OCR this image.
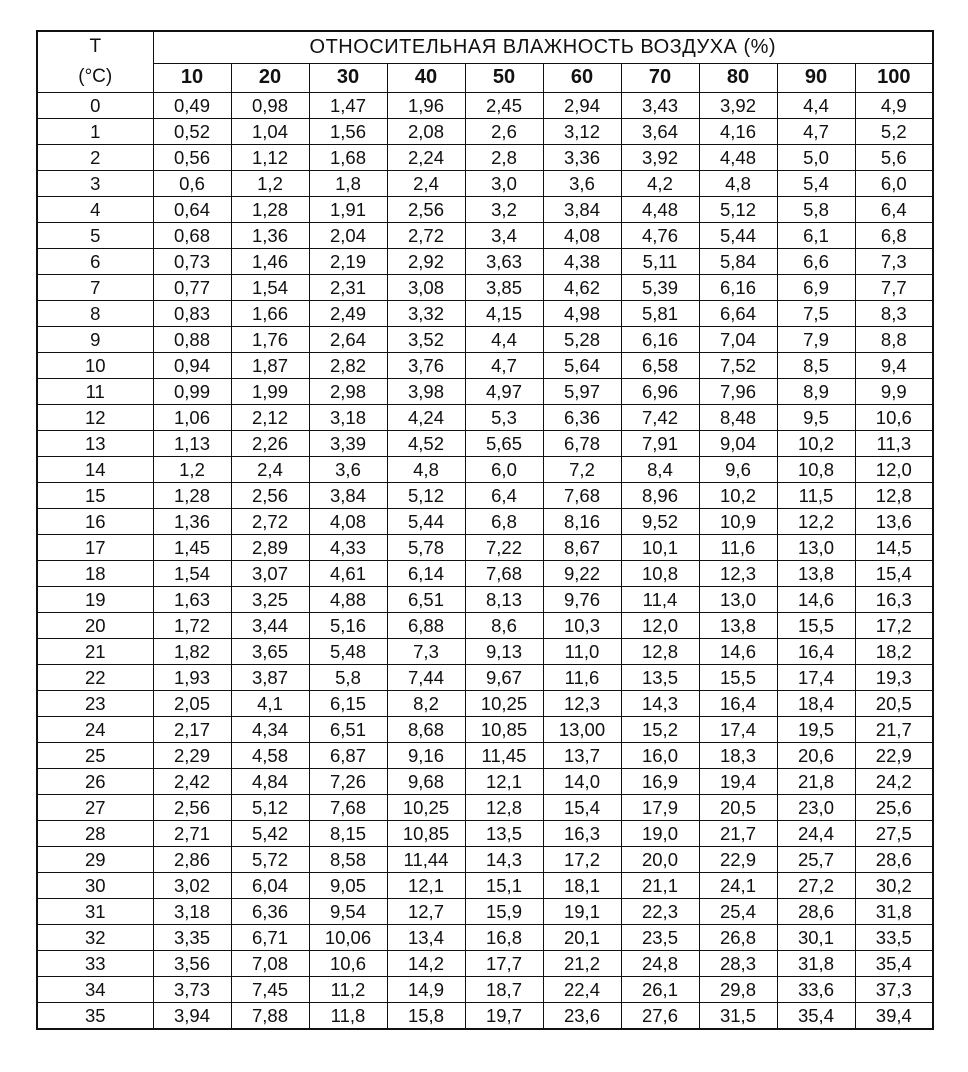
T
(°C)	ОТНОСИТЕЛЬНАЯ ВЛАЖНОСТЬ ВОЗДУХА (%)									
	10	20	30	40	50	60	70	80	90	100
0	0,49	0,98	1,47	1,96	2,45	2,94	3,43	3,92	4,4	4,9
1	0,52	1,04	1,56	2,08	2,6	3,12	3,64	4,16	4,7	5,2
2	0,56	1,12	1,68	2,24	2,8	3,36	3,92	4,48	5,0	5,6
3	0,6	1,2	1,8	2,4	3,0	3,6	4,2	4,8	5,4	6,0
4	0,64	1,28	1,91	2,56	3,2	3,84	4,48	5,12	5,8	6,4
5	0,68	1,36	2,04	2,72	3,4	4,08	4,76	5,44	6,1	6,8
6	0,73	1,46	2,19	2,92	3,63	4,38	5,11	5,84	6,6	7,3
7	0,77	1,54	2,31	3,08	3,85	4,62	5,39	6,16	6,9	7,7
8	0,83	1,66	2,49	3,32	4,15	4,98	5,81	6,64	7,5	8,3
9	0,88	1,76	2,64	3,52	4,4	5,28	6,16	7,04	7,9	8,8
10	0,94	1,87	2,82	3,76	4,7	5,64	6,58	7,52	8,5	9,4
11	0,99	1,99	2,98	3,98	4,97	5,97	6,96	7,96	8,9	9,9
12	1,06	2,12	3,18	4,24	5,3	6,36	7,42	8,48	9,5	10,6
13	1,13	2,26	3,39	4,52	5,65	6,78	7,91	9,04	10,2	11,3
14	1,2	2,4	3,6	4,8	6,0	7,2	8,4	9,6	10,8	12,0
15	1,28	2,56	3,84	5,12	6,4	7,68	8,96	10,2	11,5	12,8
16	1,36	2,72	4,08	5,44	6,8	8,16	9,52	10,9	12,2	13,6
17	1,45	2,89	4,33	5,78	7,22	8,67	10,1	11,6	13,0	14,5
18	1,54	3,07	4,61	6,14	7,68	9,22	10,8	12,3	13,8	15,4
19	1,63	3,25	4,88	6,51	8,13	9,76	11,4	13,0	14,6	16,3
20	1,72	3,44	5,16	6,88	8,6	10,3	12,0	13,8	15,5	17,2
21	1,82	3,65	5,48	7,3	9,13	11,0	12,8	14,6	16,4	18,2
22	1,93	3,87	5,8	7,44	9,67	11,6	13,5	15,5	17,4	19,3
23	2,05	4,1	6,15	8,2	10,25	12,3	14,3	16,4	18,4	20,5
24	2,17	4,34	6,51	8,68	10,85	13,00	15,2	17,4	19,5	21,7
25	2,29	4,58	6,87	9,16	11,45	13,7	16,0	18,3	20,6	22,9
26	2,42	4,84	7,26	9,68	12,1	14,0	16,9	19,4	21,8	24,2
27	2,56	5,12	7,68	10,25	12,8	15,4	17,9	20,5	23,0	25,6
28	2,71	5,42	8,15	10,85	13,5	16,3	19,0	21,7	24,4	27,5
29	2,86	5,72	8,58	11,44	14,3	17,2	20,0	22,9	25,7	28,6
30	3,02	6,04	9,05	12,1	15,1	18,1	21,1	24,1	27,2	30,2
31	3,18	6,36	9,54	12,7	15,9	19,1	22,3	25,4	28,6	31,8
32	3,35	6,71	10,06	13,4	16,8	20,1	23,5	26,8	30,1	33,5
33	3,56	7,08	10,6	14,2	17,7	21,2	24,8	28,3	31,8	35,4
34	3,73	7,45	11,2	14,9	18,7	22,4	26,1	29,8	33,6	37,3
35	3,94	7,88	11,8	15,8	19,7	23,6	27,6	31,5	35,4	39,4
